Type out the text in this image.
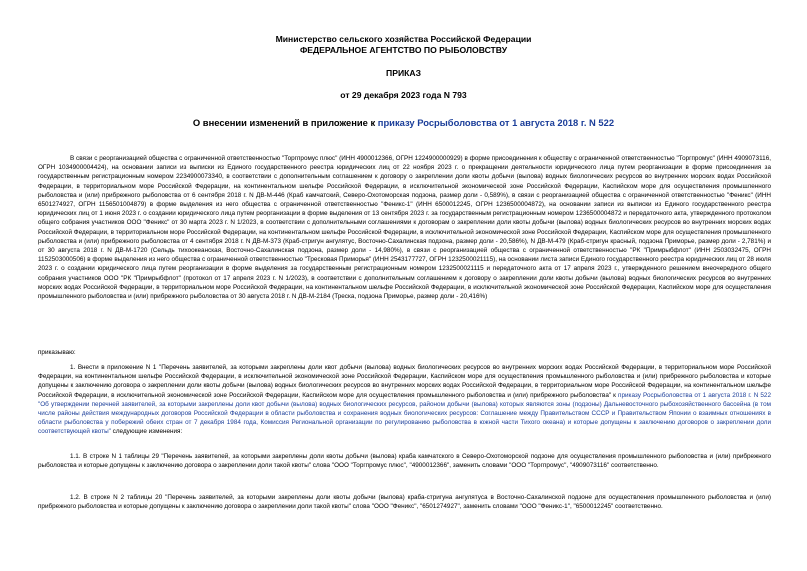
Министерство сельского хозяйства Российской Федерации
ФЕДЕРАЛЬНОЕ АГЕНТСТВО ПО РЫБОЛОВСТВУ
ПРИКАЗ
от 29 декабря 2023 года N 793
О внесении изменений в приложение к приказу Росрыболовства от 1 августа 2018 г. N 522

В связи с реорганизацией общества с ограниченной ответственностью "Торгпромус плюс" (ИНН 4900012366, ОГРН 1224900000929) в форме присоединения к обществу с ограниченной ответственностью "Торгпромус" (ИНН 4909073116, ОГРН 1034900004424), на основании записи из выписки из Единого государственного реестра юридических лиц от 22 ноября 2023 г. о прекращении деятельности юридического лица путем реорганизации в форме присоединения за государственным регистрационным номером 2234900073340, в соответствии с дополнительным соглашением к договору о закреплении доли квоты добычи (вылова) водных биологических ресурсов во внутренних морских водах Российской Федерации, в территориальном море Российской Федерации, на континентальном шельфе Российской Федерации, в исключительной экономической зоне Российской Федерации, Каспийском море для осуществления промышленного рыболовства и (или) прибрежного рыболовства от 6 сентября 2018 г. N ДВ-М-446 (Краб камчатский, Северо-Охотоморская подзона, размер доли - 0,589%), в связи с реорганизацией общества с ограниченной ответственностью "Феникс" (ИНН 6501274927, ОГРН 1156501004879) в форме выделения из него общества с ограниченной ответственностью "Феникс-1" (ИНН 6500012245, ОГРН 1236500004872), на основании записи из выписки из Единого государственного реестра юридических лиц от 1 июня 2023 г. о создании юридического лица путем реорганизации в форме выделения от 13 сентября 2023 г. за государственным регистрационным номером 1236500004872 и передаточного акта, утвержденного протоколом общего собрания участников ООО "Феникс" от 30 марта 2023 г. N 1/2023, в соответствии с дополнительными соглашениями к договорам о закреплении доли квоты добычи (вылова) водных биологических ресурсов во внутренних морских водах Российской Федерации, в территориальном море Российской Федерации, на континентальном шельфе Российской Федерации, в исключительной экономической зоне Российской Федерации, Каспийском море для осуществления промышленного рыболовства и (или) прибрежного рыболовства от 4 сентября 2018 г. N ДВ-М-373 (Краб-стригун ангулятус, Восточно-Сахалинская подзона, размер доли - 20,586%), N ДВ-М-479 (Краб-стригун красный, подзона Приморье, размер доли - 2,781%) и от 30 августа 2018 г. N ДВ-М-1720 (Сельдь тихоокеанская, Восточно-Сахалинская подзона, размер доли - 14,980%), в связи с реорганизацией общества с ограниченной ответственностью "РК "Примрыбфлот" (ИНН 2503032475, ОГРН 1152503000506) в форме выделения из него общества с ограниченной ответственностью "Тресковая Приморья" (ИНН 2543177727, ОГРН 1232500021115), на основании листа записи Единого государственного реестра юридических лиц от 28 июля 2023 г. о создании юридического лица путем реорганизации в форме выделения за государственным регистрационным номером 1232500021115 и передаточного акта от 17 апреля 2023 г., утвержденного решением внеочередного общего собрания участников ООО "РК "Примрыбфлот" (протокол от 17 апреля 2023 г. N 1/2023), в соответствии с дополнительным соглашением к договору о закреплении доли квоты добычи (вылова) водных биологических ресурсов во внутренних морских водах Российской Федерации, в территориальном море Российской Федерации, на континентальном шельфе Российской Федерации, в исключительной экономической зоне Российской Федерации, Каспийском море для осуществления промышленного рыболовства и (или) прибрежного рыболовства от 30 августа 2018 г. N ДВ-М-2184 (Треска, подзона Приморье, размер доли - 20,416%)

приказываю:

1. Внести в приложение N 1 "Перечень заявителей, за которыми закреплены доли квот добычи (вылова) водных биологических ресурсов во внутренних морских водах Российской Федерации, в территориальном море Российской Федерации, на континентальном шельфе Российской Федерации, в исключительной экономической зоне Российской Федерации, Каспийском море для осуществления промышленного рыболовства и (или) прибрежного рыболовства и которые допущены к заключению договора о закреплении доли квоты добычи (вылова) водных биологических ресурсов во внутренних морских водах Российской Федерации, в территориальном море Российской Федерации, на континентальном шельфе Российской Федерации, в исключительной экономической зоне Российской Федерации, Каспийском море для осуществления промышленного рыболовства и (или) прибрежного рыболовства" к приказу Росрыболовства от 1 августа 2018 г. N 522 "Об утверждении перечней заявителей, за которыми закреплены доли квот добычи (вылова) водных биологических ресурсов, районом добычи (вылова) которых являются зоны (подзоны) Дальневосточного рыбохозяйственного бассейна (в том числе районы действия международных договоров Российской Федерации в области рыболовства и сохранения водных биологических ресурсов: Соглашение между Правительством СССР и Правительством Японии о взаимных отношениях в области рыболовства у побережий обеих стран от 7 декабря 1984 года, Комиссия Региональной организации по регулированию рыболовства в южной части Тихого океана) и которые допущены к заключению договоров о закреплении доли соответствующей квоты" следующие изменения:

1.1. В строке N 1 таблицы 29 "Перечень заявителей, за которыми закреплены доли квоты добычи (вылова) краба камчатского в Северо-Охотоморской подзоне для осуществления промышленного рыболовства и (или) прибрежного рыболовства и которые допущены к заключению договора о закреплении доли такой квоты" слова "ООО "Торгпромус плюс", "4900012366", заменить словами "ООО "Торгпромус", "4909073116" соответственно.

1.2. В строке N 2 таблицы 20 "Перечень заявителей, за которыми закреплены доли квоты добычи (вылова) краба-стригуна ангулятуса в Восточно-Сахалинской подзоне для осуществления промышленного рыболовства и (или) прибрежного рыболовства и которые допущены к заключению договора о закреплении доли такой квоты" слова "ООО "Феникс", "6501274927", заменить словами "ООО "Феникс-1", "6500012245" соответственно.
